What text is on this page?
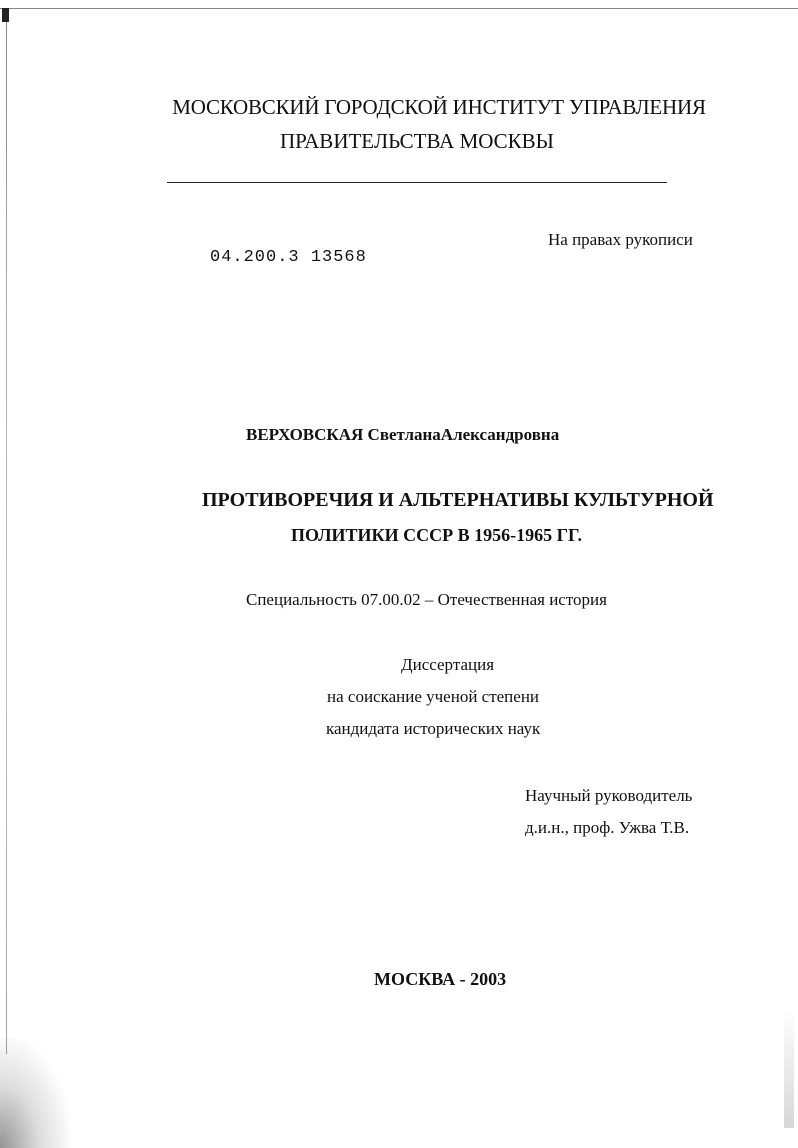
МОСКОВСКИЙ ГОРОДСКОЙ ИНСТИТУТ УПРАВЛЕНИЯ
ПРАВИТЕЛЬСТВА МОСКВЫ
На правах рукописи
04.200.3 13568
ВЕРХОВСКАЯ СветланаАлександровна
ПРОТИВОРЕЧИЯ И АЛЬТЕРНАТИВЫ КУЛЬТУРНОЙ
ПОЛИТИКИ СССР В 1956-1965 ГГ.
Специальность 07.00.02 – Отечественная история
Диссертация
на соискание ученой степени
кандидата исторических наук
Научный руководитель
д.и.н., проф. Ужва Т.В.
МОСКВА - 2003
